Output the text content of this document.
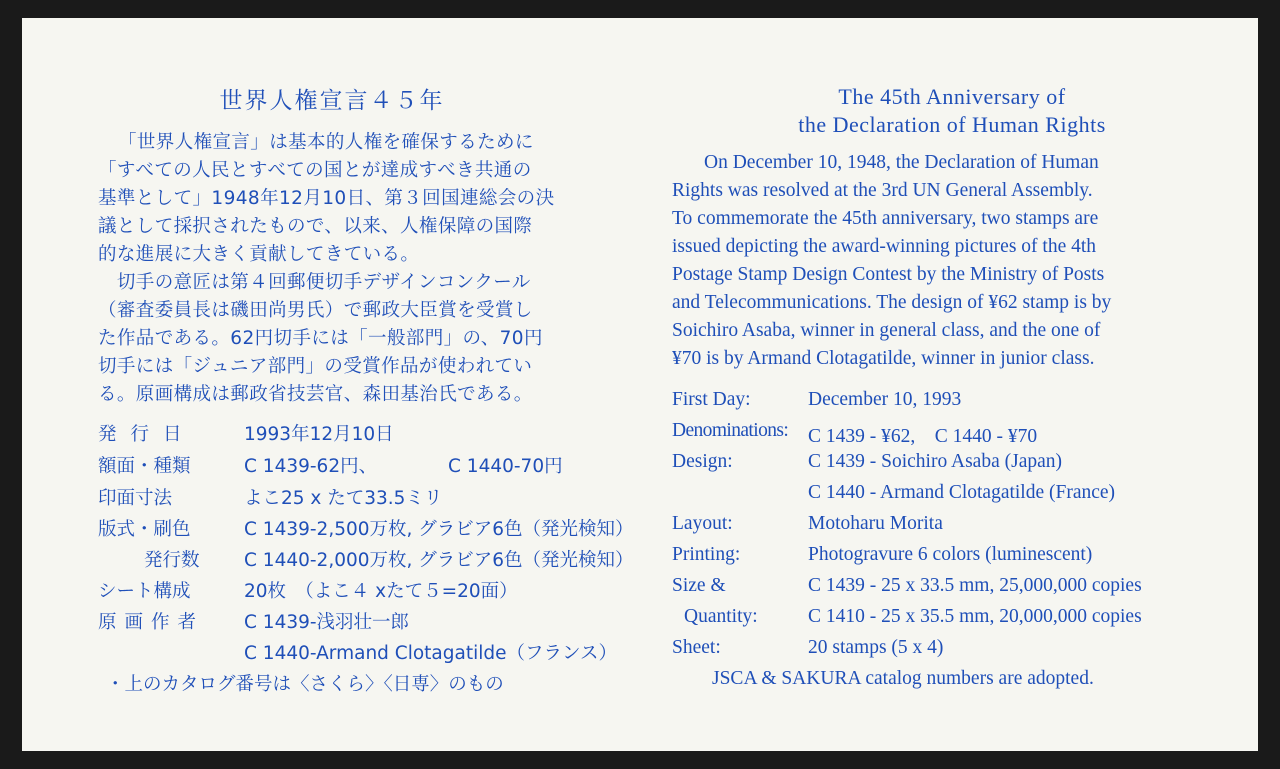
世界人権宣言４５年
「世界人権宣言」は基本的人権を確保するために
「すべての人民とすべての国とが達成すべき共通の
基準として」1948年12月10日、第３回国連総会の決
議として採択されたもので、以来、人権保障の国際
的な進展に大きく貢献してきている。
　切手の意匠は第４回郵便切手デザインコンクール
（審査委員長は磯田尚男氏）で郵政大臣賞を受賞し
た作品である。62円切手には「一般部門」の、70円
切手には「ジュニア部門」の受賞作品が使われてい
る。原画構成は郵政省技芸官、森田基治氏である。
発行日	1993年12月10日
額面・種類	C 1439-62円、	C 1440-70円
印面寸法	よこ25 x たて33.5ミリ
版式・刷色	C 1439-2,500万枚, グラビア6色（発光検知）
発行数	C 1440-2,000万枚, グラビア6色（発光検知）
シート構成	20枚　（よこ４ xたて５=20面）
原画作者	C 1439-浅羽壮一郎
C 1440-Armand Clotagatilde（フランス）
・上のカタログ番号は〈さくら〉〈日専〉のもの
The 45th Anniversary of
the Declaration of Human Rights
On December 10, 1948, the Declaration of Human
Rights was resolved at the 3rd UN General Assembly.
To commemorate the 45th anniversary, two stamps are
issued depicting the award-winning pictures of the 4th
Postage Stamp Design Contest by the Ministry of Posts
and Telecommunications. The design of ¥62 stamp is by
Soichiro Asaba, winner in general class, and the one of
¥70 is by Armand Clotagatilde, winner in junior class.
First Day:	December 10, 1993
Denominations: C 1439 - ¥62,　C 1440 - ¥70
Design:	C 1439 - Soichiro Asaba (Japan)
C 1440 - Armand Clotagatilde (France)
Layout:	Motoharu Morita
Printing:	Photogravure 6 colors (luminescent)
Size &	C 1439 - 25 x 33.5 mm, 25,000,000 copies
Quantity:	C 1410 - 25 x 35.5 mm, 20,000,000 copies
Sheet:	20 stamps (5 x 4)
JSCA & SAKURA catalog numbers are adopted.
